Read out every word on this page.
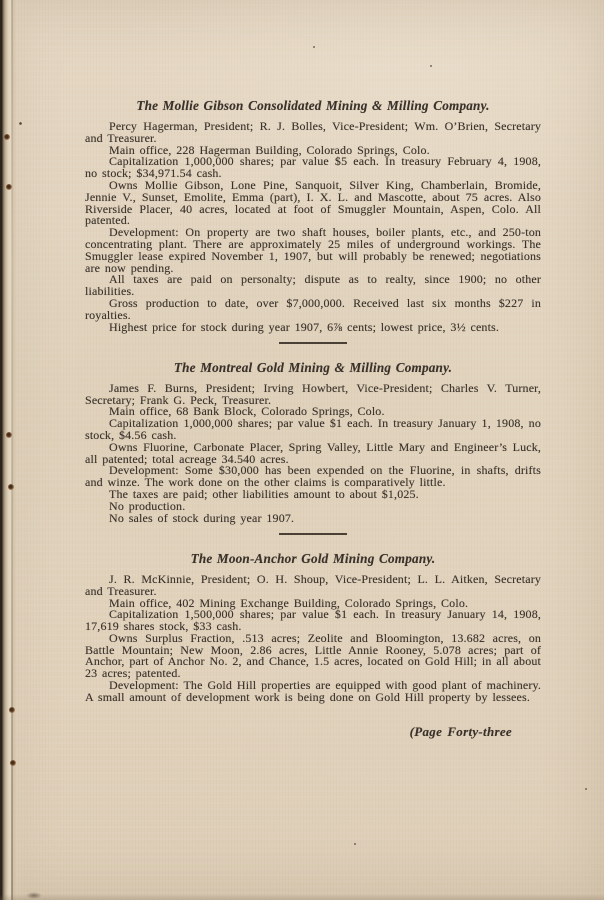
The Mollie Gibson Consolidated Mining & Milling Company.

Percy Hagerman, President; R. J. Bolles, Vice-President; Wm. O’Brien, Secretary and Treasurer.

Main office, 228 Hagerman Building, Colorado Springs, Colo.

Capitalization 1,000,000 shares; par value $5 each. In treasury February 4, 1908, no stock; $34,971.54 cash.

Owns Mollie Gibson, Lone Pine, Sanquoit, Silver King, Chamberlain, Bromide, Jennie V., Sunset, Emolite, Emma (part), I. X. L. and Mascotte, about 75 acres. Also Riverside Placer, 40 acres, located at foot of Smuggler Mountain, Aspen, Colo. All patented.

Development: On property are two shaft houses, boiler plants, etc., and 250-ton concentrating plant. There are approximately 25 miles of underground workings. The Smuggler lease expired November 1, 1907, but will probably be renewed; negotiations are now pending.

All taxes are paid on personalty; dispute as to realty, since 1900; no other liabilities.

Gross production to date, over $7,000,000. Received last six months $227 in royalties.

Highest price for stock during year 1907, 6⅞ cents; lowest price, 3½ cents.

The Montreal Gold Mining & Milling Company.

James F. Burns, President; Irving Howbert, Vice-President; Charles V. Turner, Secretary; Frank G. Peck, Treasurer.

Main office, 68 Bank Block, Colorado Springs, Colo.

Capitalization 1,000,000 shares; par value $1 each. In treasury January 1, 1908, no stock, $4.56 cash.

Owns Fluorine, Carbonate Placer, Spring Valley, Little Mary and Engineer’s Luck, all patented; total acreage 34.540 acres.

Development: Some $30,000 has been expended on the Fluorine, in shafts, drifts and winze. The work done on the other claims is comparatively little.

The taxes are paid; other liabilities amount to about $1,025.

No production.

No sales of stock during year 1907.

The Moon-Anchor Gold Mining Company.

J. R. McKinnie, President; O. H. Shoup, Vice-President; L. L. Aitken, Secretary and Treasurer.

Main office, 402 Mining Exchange Building, Colorado Springs, Colo.

Capitalization 1,500,000 shares; par value $1 each. In treasury January 14, 1908, 17,619 shares stock, $33 cash.

Owns Surplus Fraction, .513 acres; Zeolite and Bloomington, 13.682 acres, on Battle Mountain; New Moon, 2.86 acres, Little Annie Rooney, 5.078 acres; part of Anchor, part of Anchor No. 2, and Chance, 1.5 acres, located on Gold Hill; in all about 23 acres; patented.

Development: The Gold Hill properties are equipped with good plant of machinery. A small amount of development work is being done on Gold Hill property by lessees.

(Page Forty-three
